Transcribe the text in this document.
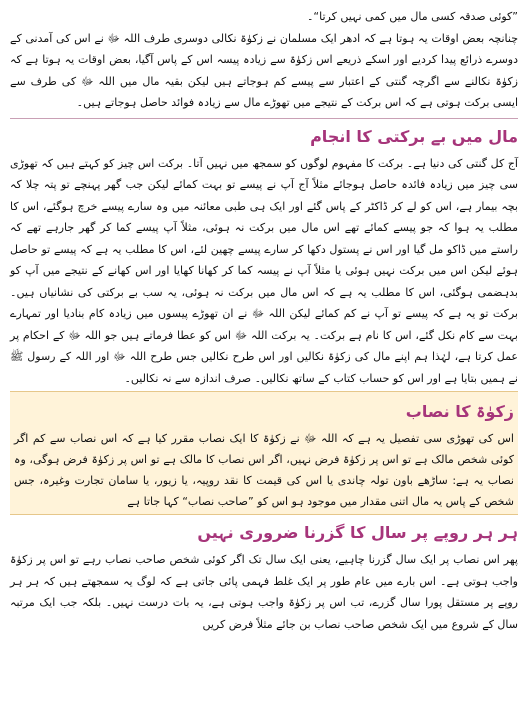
”کوئی صدقہ کسی مال میں کمی نہیں کرتا“۔

چنانچہ بعض اوقات یہ ہوتا ہے کہ ادھر ایک مسلمان نے زکوٰۃ نکالی دوسری طرف اللہ ﷻ نے اس کی آمدنی کے دوسرے ذرائع پیدا کردیے اور اسکے ذریعے اس زکوٰۃ سے زیادہ پیسہ اس کے پاس آگیا، بعض اوقات یہ ہوتا ہے کہ زکوٰۃ نکالنے سے اگرچہ گنتی کے اعتبار سے پیسے کم ہوجاتے ہیں لیکن بقیہ مال میں اللہ ﷻ کی طرف سے ایسی برکت ہوتی ہے کہ اس برکت کے نتیجے میں تھوڑے مال سے زیادہ فوائد حاصل ہوجاتے ہیں۔

مال میں بے برکتی کا انجام

آج کل گنتی کی دنیا ہے۔ برکت کا مفہوم لوگوں کو سمجھ میں نہیں آتا۔ برکت اس چیز کو کہتے ہیں کہ تھوڑی سی چیز میں زیادہ فائدہ حاصل ہوجائے مثلاً آج آپ نے پیسے تو بہت کمائے لیکن جب گھر پہنچے تو پتہ چلا کہ بچہ بیمار ہے، اس کو لے کر ڈاکٹر کے پاس گئے اور ایک ہی طبی معائنہ میں وہ سارے پیسے خرچ ہوگئے، اس کا مطلب یہ ہوا کہ جو پیسے کمائے تھے اس مال میں برکت نہ ہوئی، مثلاً آپ پیسے کما کر گھر جارہے تھے کہ راستے میں ڈاکو مل گیا اور اس نے پستول دکھا کر سارے پیسے چھین لئے، اس کا مطلب یہ ہے کہ پیسے تو حاصل ہوئے لیکن اس میں برکت نہیں ہوئی یا مثلاً آپ نے پیسہ کما کر کھانا کھایا اور اس کھانے کے نتیجے میں آپ کو بدہضمی ہوگئی، اس کا مطلب یہ ہے کہ اس مال میں برکت نہ ہوئی، یہ سب بے برکتی کی نشانیاں ہیں۔ برکت تو یہ ہے کہ پیسے تو آپ نے کم کمائے لیکن اللہ ﷻ نے ان تھوڑے پیسوں میں زیادہ کام بنادیا اور تمہارے بہت سے کام نکل گئے، اس کا نام ہے برکت۔ یہ برکت اللہ ﷻ اس کو عطا فرماتے ہیں جو اللہ ﷻ کے احکام پر عمل کرتا ہے، لہٰذا ہم اپنے مال کی زکوٰۃ نکالیں اور اس طرح نکالیں جس طرح اللہ ﷻ اور اللہ کے رسول ﷺ نے ہمیں بتایا ہے اور اس کو حساب کتاب کے ساتھ نکالیں۔ صرف اندازہ سے نہ نکالیں۔

زکوٰۃ کا نصاب

اس کی تھوڑی سی تفصیل یہ ہے کہ اللہ ﷻ نے زکوٰۃ کا ایک نصاب مقرر کیا ہے کہ اس نصاب سے کم اگر کوئی شخص مالک ہے تو اس پر زکوٰۃ فرض نہیں، اگر اس نصاب کا مالک ہے تو اس پر زکوٰۃ فرض ہوگی، وہ نصاب یہ ہے: ساڑھے باون تولہ چاندی یا اس کی قیمت کا نقد روپیہ، یا زیور، یا سامان تجارت وغیرہ، جس شخص کے پاس یہ مال اتنی مقدار میں موجود ہو اس کو ”صاحب نصاب“ کہا جاتا ہے

ہر ہر روپے پر سال کا گزرنا ضروری نہیں

پھر اس نصاب پر ایک سال گزرنا چاہیے، یعنی ایک سال تک اگر کوئی شخص صاحب نصاب رہے تو اس پر زکوٰۃ واجب ہوتی ہے۔ اس بارے میں عام طور پر ایک غلط فہمی پائی جاتی ہے کہ لوگ یہ سمجھتے ہیں کہ ہر ہر روپے پر مستقل پورا سال گزرے، تب اس پر زکوٰۃ واجب ہوتی ہے، یہ بات درست نہیں۔ بلکہ جب ایک مرتبہ سال کے شروع میں ایک شخص صاحب نصاب بن جائے مثلاً فرض کریں
